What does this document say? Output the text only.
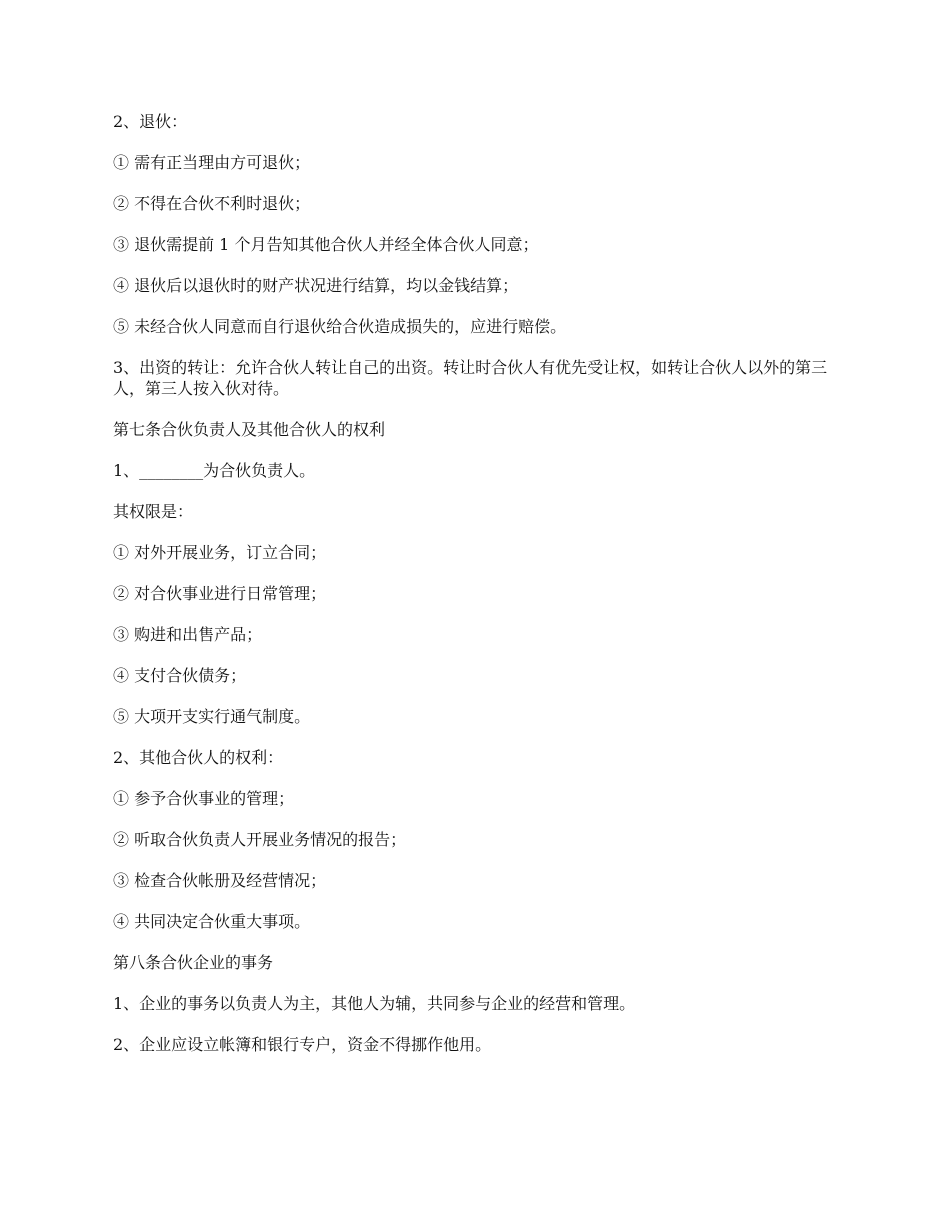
2、退伙：

① 需有正当理由方可退伙；

② 不得在合伙不利时退伙；

③ 退伙需提前 1 个月告知其他合伙人并经全体合伙人同意；

④ 退伙后以退伙时的财产状况进行结算，均以金钱结算；

⑤ 未经合伙人同意而自行退伙给合伙造成损失的，应进行赔偿。

3、出资的转让：允许合伙人转让自己的出资。转让时合伙人有优先受让权，如转让合伙人以外的第三人，第三人按入伙对待。

第七条合伙负责人及其他合伙人的权利

1、________为合伙负责人。

其权限是：

① 对外开展业务，订立合同；

② 对合伙事业进行日常管理；

③ 购进和出售产品；

④ 支付合伙债务；

⑤ 大项开支实行通气制度。

2、其他合伙人的权利：

① 参予合伙事业的管理；

② 听取合伙负责人开展业务情况的报告；

③ 检查合伙帐册及经营情况；

④ 共同决定合伙重大事项。

第八条合伙企业的事务

1、企业的事务以负责人为主，其他人为辅，共同参与企业的经营和管理。

2、企业应设立帐簿和银行专户，资金不得挪作他用。
